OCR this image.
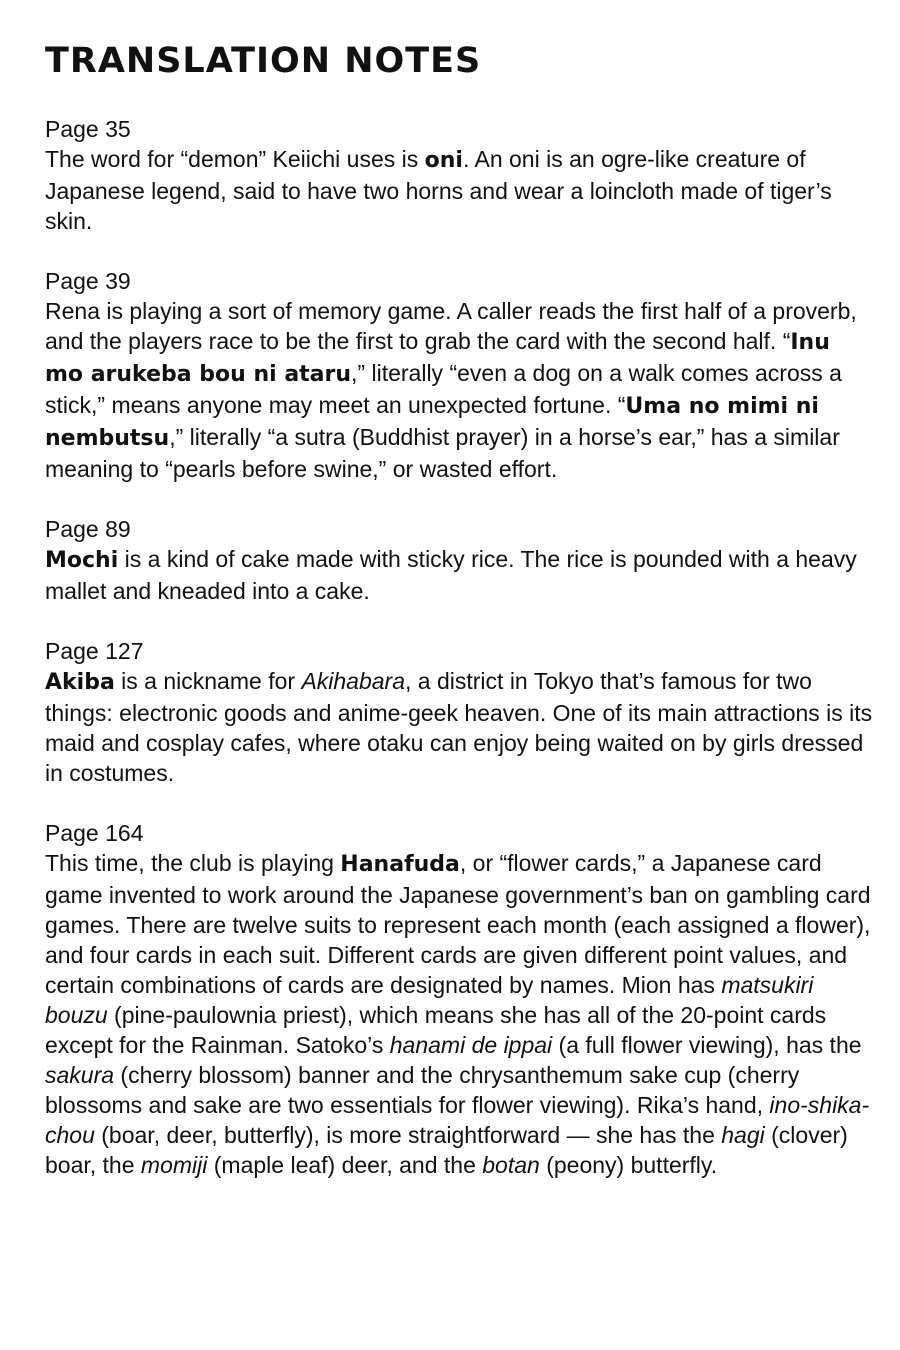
TRANSLATION NOTES

Page 35

The word for “demon” Keiichi uses is oni. An oni is an ogre-like creature of Japanese legend, said to have two horns and wear a loincloth made of tiger’s skin.

Page 39

Rena is playing a sort of memory game. A caller reads the first half of a proverb, and the players race to be the first to grab the card with the second half. “Inu mo arukeba bou ni ataru,” literally “even a dog on a walk comes across a stick,” means anyone may meet an unexpected fortune. “Uma no mimi ni nembutsu,” literally “a sutra (Buddhist prayer) in a horse’s ear,” has a similar meaning to “pearls before swine,” or wasted effort.

Page 89

Mochi is a kind of cake made with sticky rice. The rice is pounded with a heavy mallet and kneaded into a cake.

Page 127

Akiba is a nickname for Akihabara, a district in Tokyo that’s famous for two things: electronic goods and anime-geek heaven. One of its main attractions is its maid and cosplay cafes, where otaku can enjoy being waited on by girls dressed in costumes.

Page 164

This time, the club is playing Hanafuda, or “flower cards,” a Japanese card game invented to work around the Japanese government’s ban on gambling card games. There are twelve suits to represent each month (each assigned a flower), and four cards in each suit. Different cards are given different point values, and certain combinations of cards are designated by names. Mion has matsukiri bouzu (pine-paulownia priest), which means she has all of the 20-point cards except for the Rainman. Satoko’s hanami de ippai (a full flower viewing), has the sakura (cherry blossom) banner and the chrysanthemum sake cup (cherry blossoms and sake are two essentials for flower viewing). Rika’s hand, ino-shika-chou (boar, deer, butterfly), is more straightforward — she has the hagi (clover) boar, the momiji (maple leaf) deer, and the botan (peony) butterfly.
